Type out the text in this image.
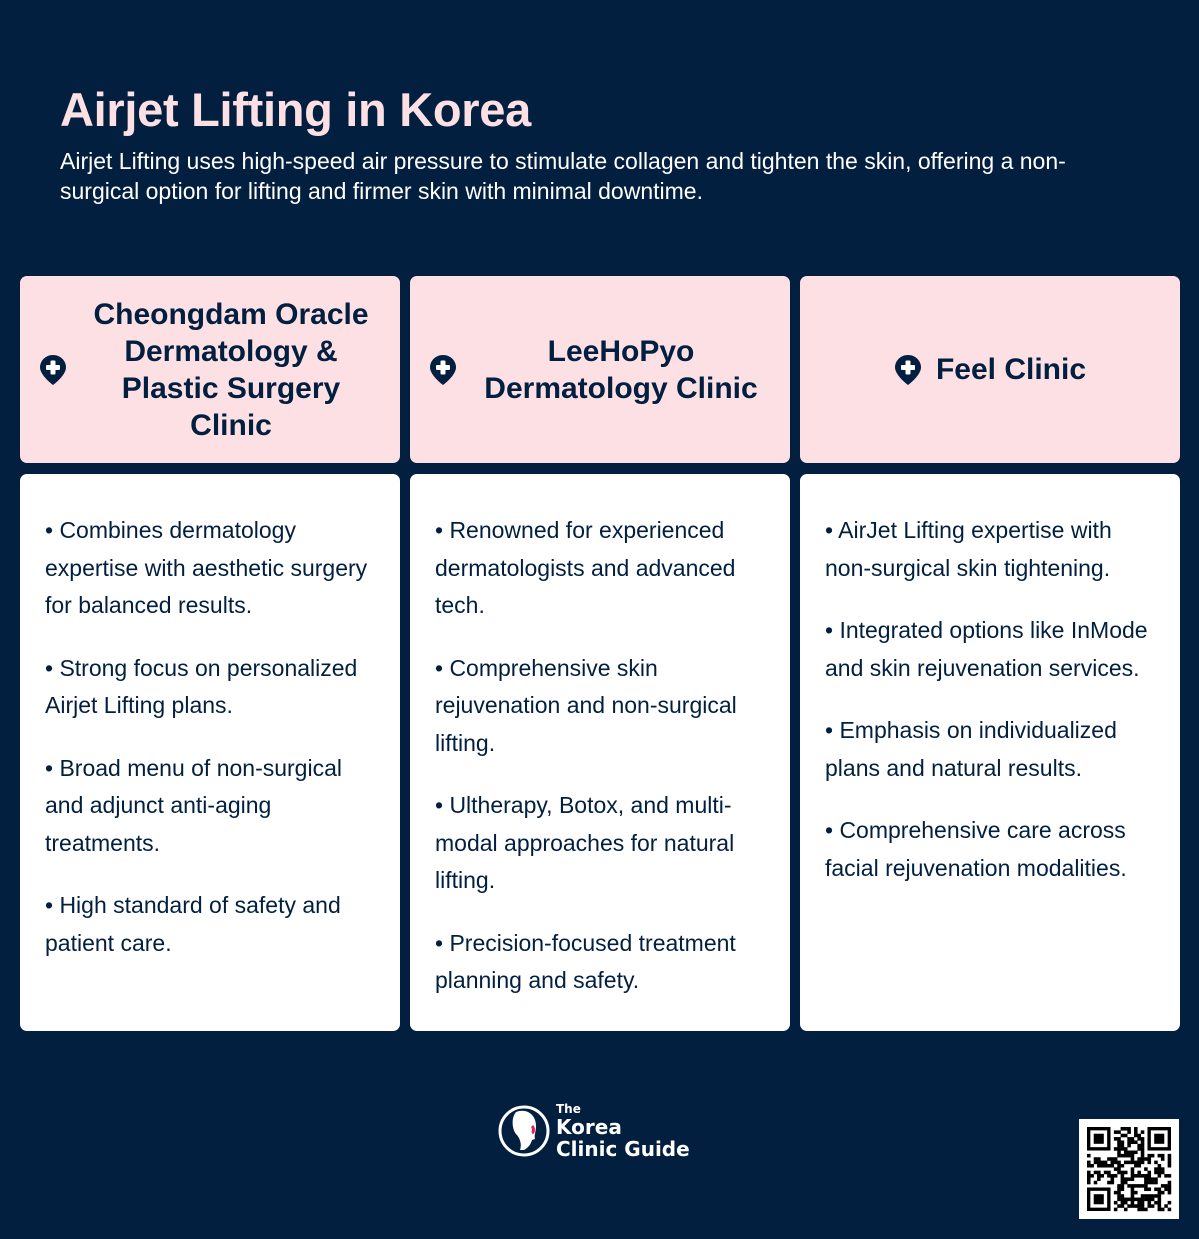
Airjet Lifting in Korea

Airjet Lifting uses high-speed air pressure to stimulate collagen and tighten the skin, offering a non-surgical option for lifting and firmer skin with minimal downtime.

Cheongdam Oracle Dermatology & Plastic Surgery Clinic

• Combines dermatology expertise with aesthetic surgery for balanced results.

• Strong focus on personalized Airjet Lifting plans.

• Broad menu of non-surgical and adjunct anti-aging treatments.

• High standard of safety and patient care.

LeeHoPyo Dermatology Clinic

• Renowned for experienced dermatologists and advanced tech.

• Comprehensive skin rejuvenation and non-surgical lifting.

• Ultherapy, Botox, and multi-modal approaches for natural lifting.

• Precision-focused treatment planning and safety.

Feel Clinic

• AirJet Lifting expertise with non-surgical skin tightening.

• Integrated options like InMode and skin rejuvenation services.

• Emphasis on individualized plans and natural results.

• Comprehensive care across facial rejuvenation modalities.

The
Korea
Clinic Guide
